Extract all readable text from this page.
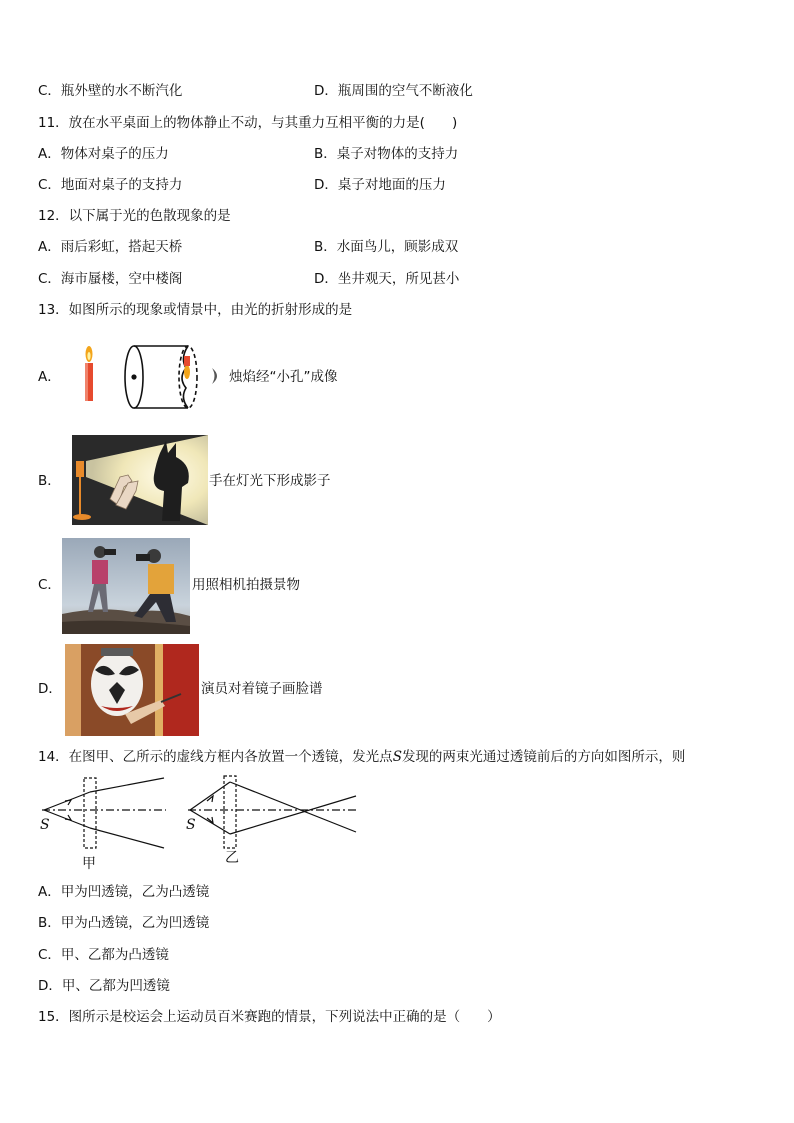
C．瓶外壁的水不断汽化	D．瓶周围的空气不断液化
11．放在水平桌面上的物体静止不动，与其重力互相平衡的力是(　　)
A．物体对桌子的压力	B．桌子对物体的支持力
C．地面对桌子的支持力	D．桌子对地面的压力
12．以下属于光的色散现象的是
A．雨后彩虹，搭起天桥	B．水面鸟儿，顾影成双
C．海市蜃楼，空中楼阁	D．坐井观天，所见甚小
13．如图所示的现象或情景中，由光的折射形成的是
A．	烛焰经“小孔”成像
B．	手在灯光下形成影子
C．	用照相机拍摄景物
D．	演员对着镜子画脸谱
14．在图甲、乙所示的虚线方框内各放置一个透镜，发光点S发现的两束光通过透镜前后的方向如图所示，则
S
甲
S
乙
A．甲为凹透镜，乙为凸透镜
B．甲为凸透镜，乙为凹透镜
C．甲、乙都为凸透镜
D．甲、乙都为凹透镜
15．图所示是校运会上运动员百米赛跑的情景，下列说法中正确的是（　　）
